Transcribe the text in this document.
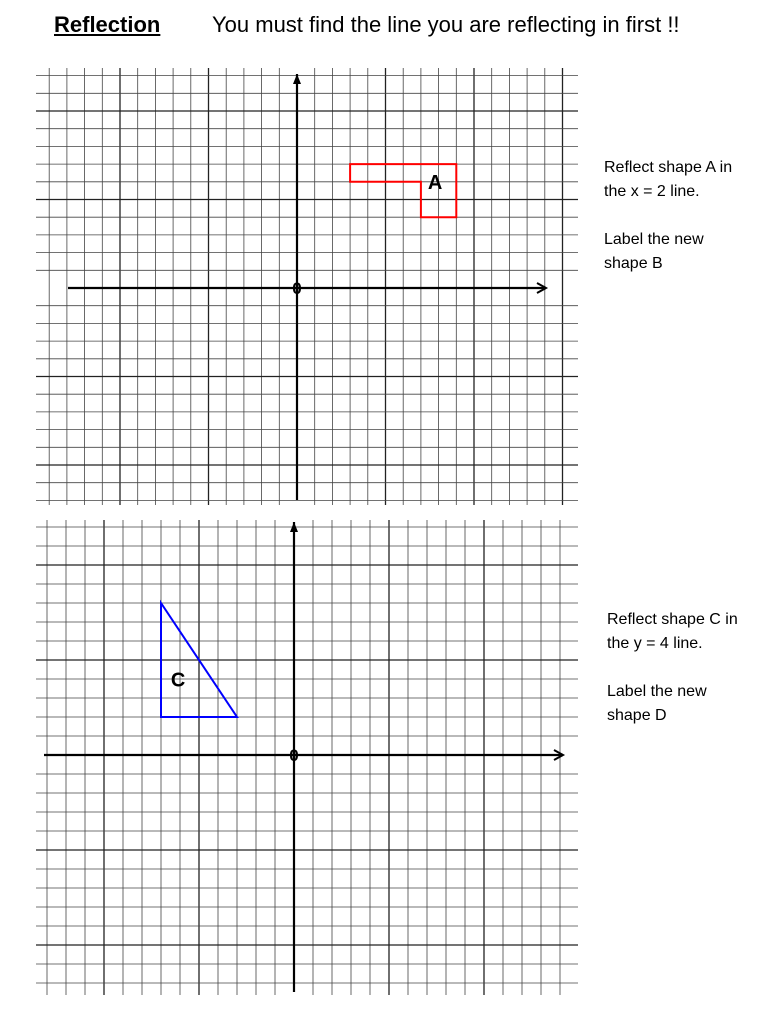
Reflection You must find the line you are reflecting in first !!
0
A
0
C

Reflect shape A in the x = 2 line.

Label the new shape B

Reflect shape C in the y = 4 line.

Label the new shape D
